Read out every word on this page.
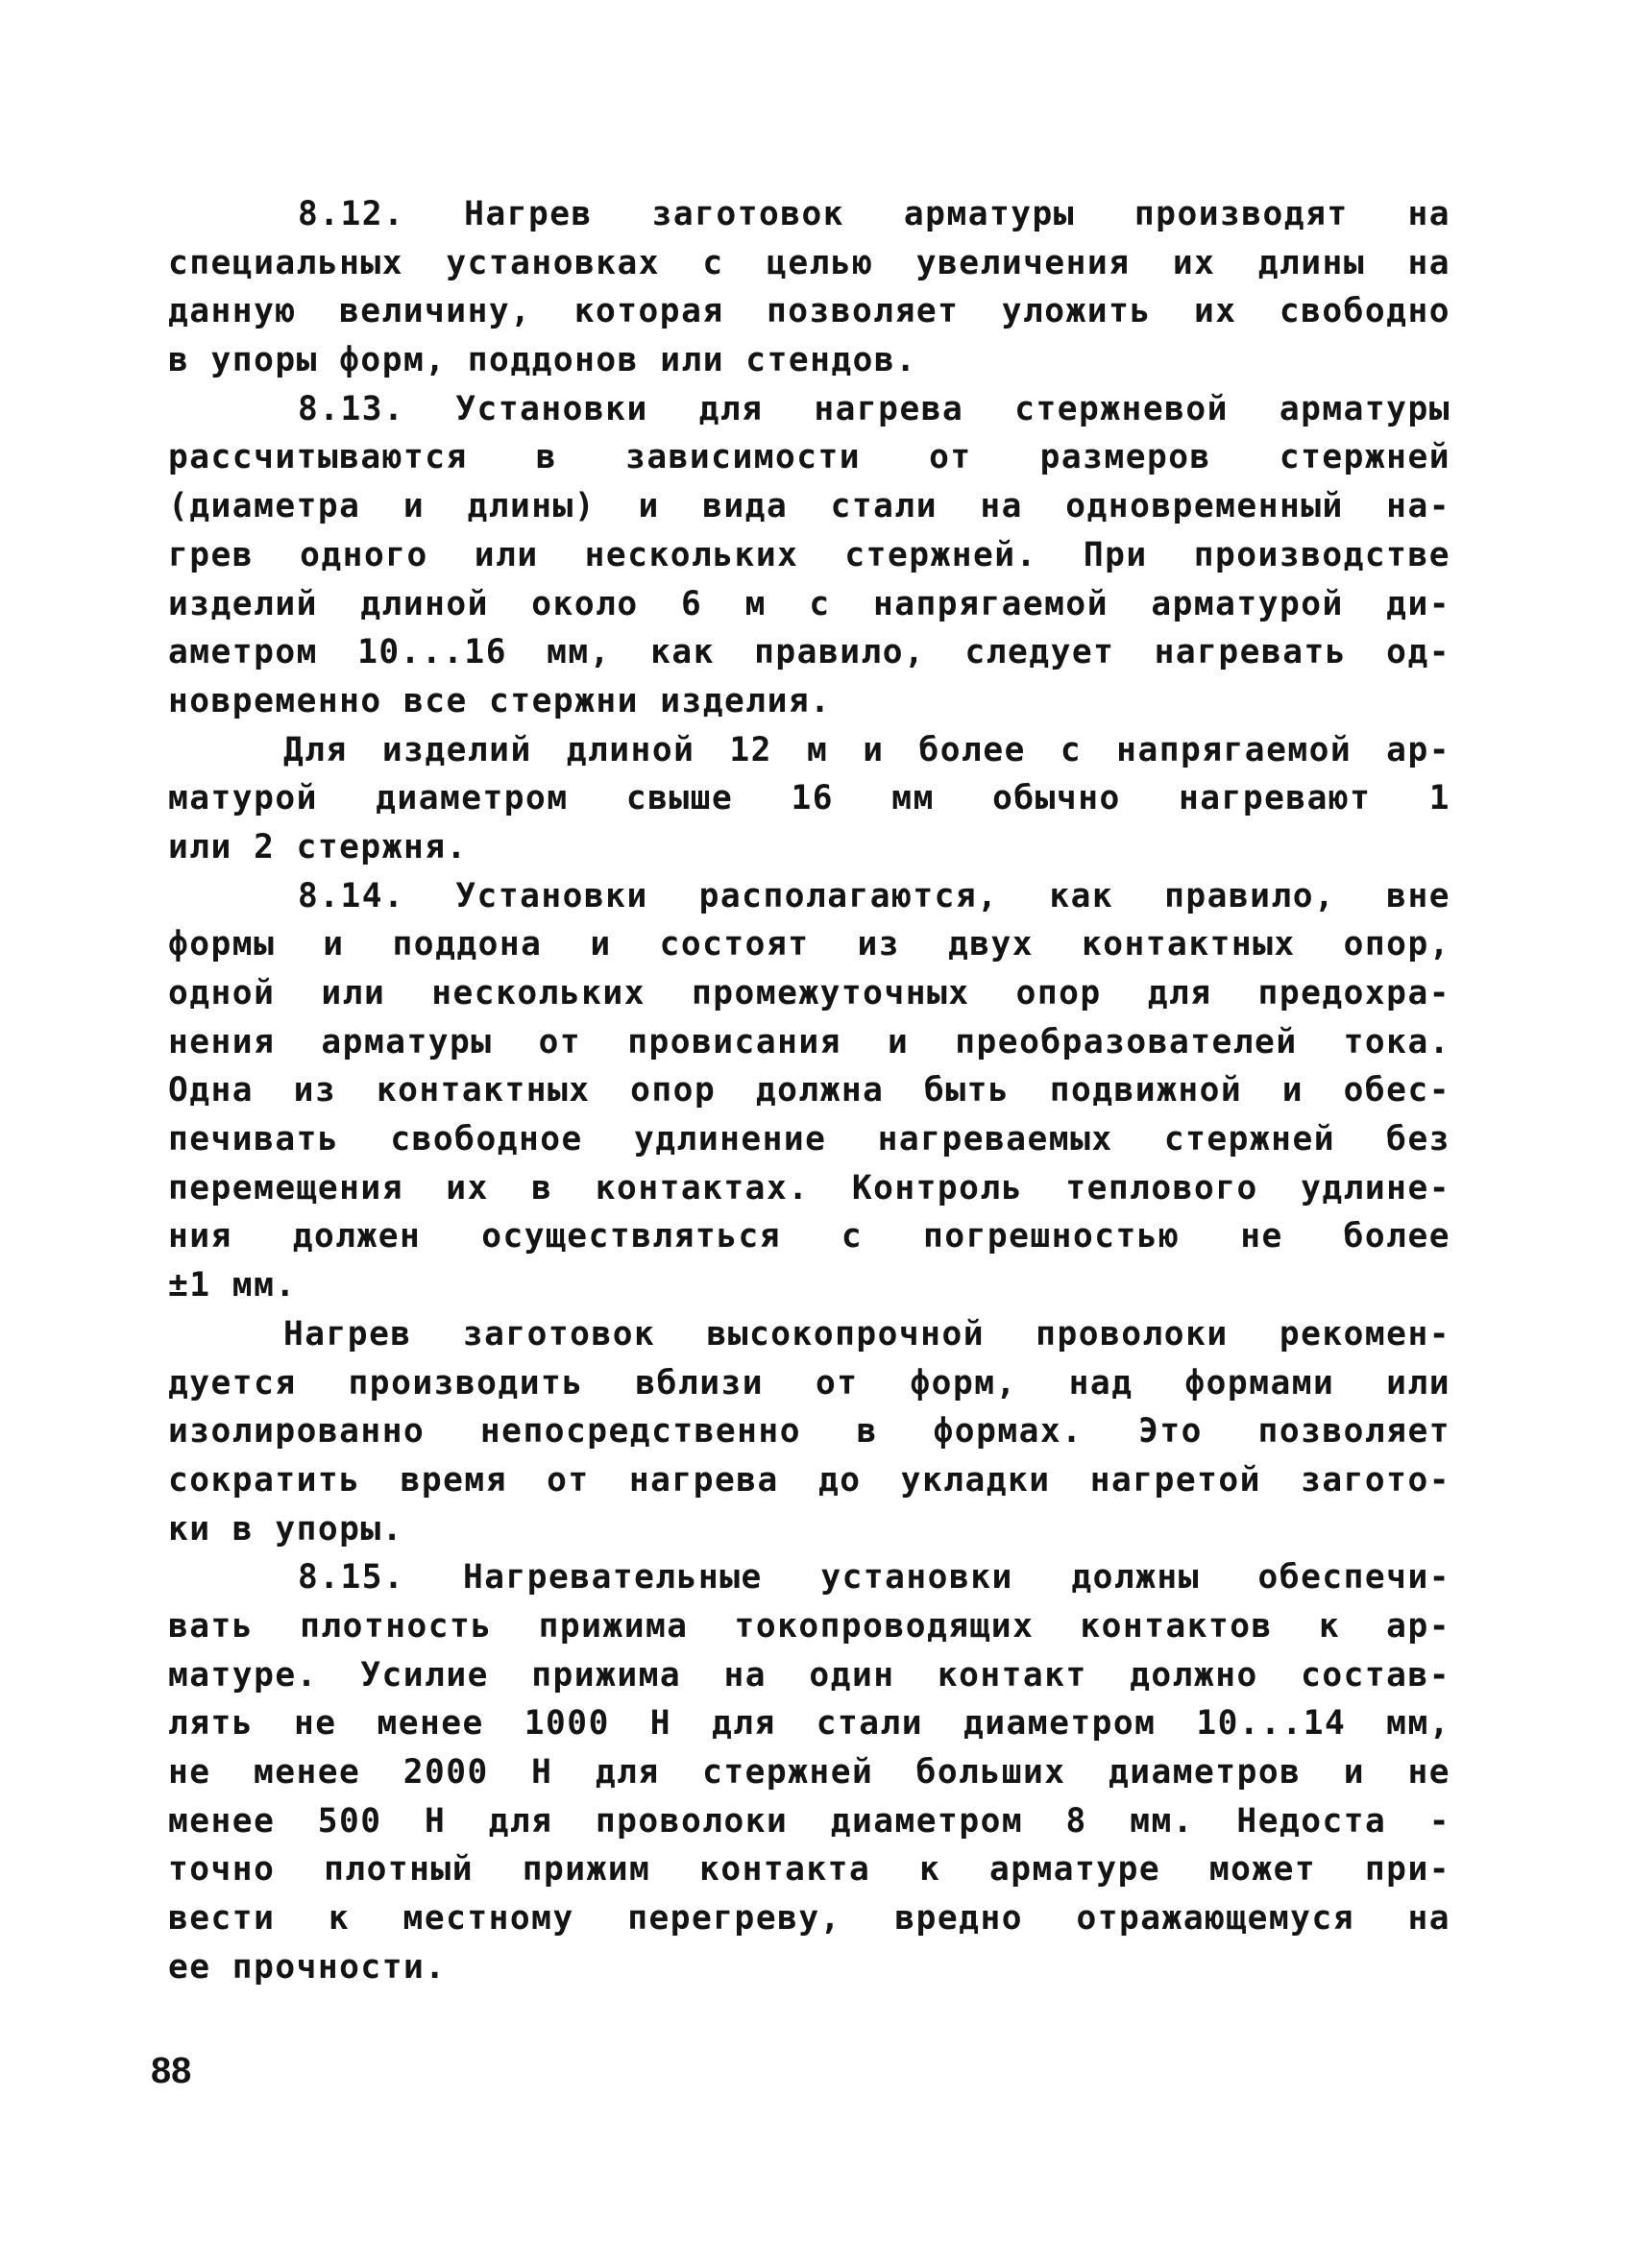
8.12. Нагрев заготовок арматуры производят на
специальных установках с целью увеличения их длины на
данную величину, которая позволяет уложить их свободно
в упоры форм, поддонов или стендов.
8.13. Установки для нагрева стержневой арматуры
рассчитываются в зависимости от размеров стержней
(диаметра и длины) и вида стали на одновременный на-
грев одного или нескольких стержней. При производстве
изделий длиной около 6 м с напрягаемой арматурой ди-
аметром 10...16 мм, как правило, следует нагревать од-
новременно все стержни изделия.
Для изделий длиной 12 м и более с напрягаемой ар-
матурой диаметром свыше 16 мм обычно нагревают 1
или 2 стержня.
8.14. Установки располагаются, как правило, вне
формы и поддона и состоят из двух контактных опор,
одной или нескольких промежуточных опор для предохра-
нения арматуры от провисания и преобразователей тока.
Одна из контактных опор должна быть подвижной и обес-
печивать свободное удлинение нагреваемых стержней без
перемещения их в контактах. Контроль теплового удлине-
ния должен осуществляться с погрешностью не более
±1 мм.
Нагрев заготовок высокопрочной проволоки рекомен-
дуется производить вблизи от форм, над формами или
изолированно непосредственно в формах. Это позволяет
сократить время от нагрева до укладки нагретой загото-
ки в упоры.
8.15. Нагревательные установки должны обеспечи-
вать плотность прижима токопроводящих контактов к ар-
матуре. Усилие прижима на один контакт должно состав-
лять не менее 1000 Н для стали диаметром 10...14 мм,
не менее 2000 Н для стержней больших диаметров и не
менее 500 Н для проволоки диаметром 8 мм. Недоста -
точно плотный прижим контакта к арматуре может при-
вести к местному перегреву, вредно отражающемуся на
ее прочности.
88
